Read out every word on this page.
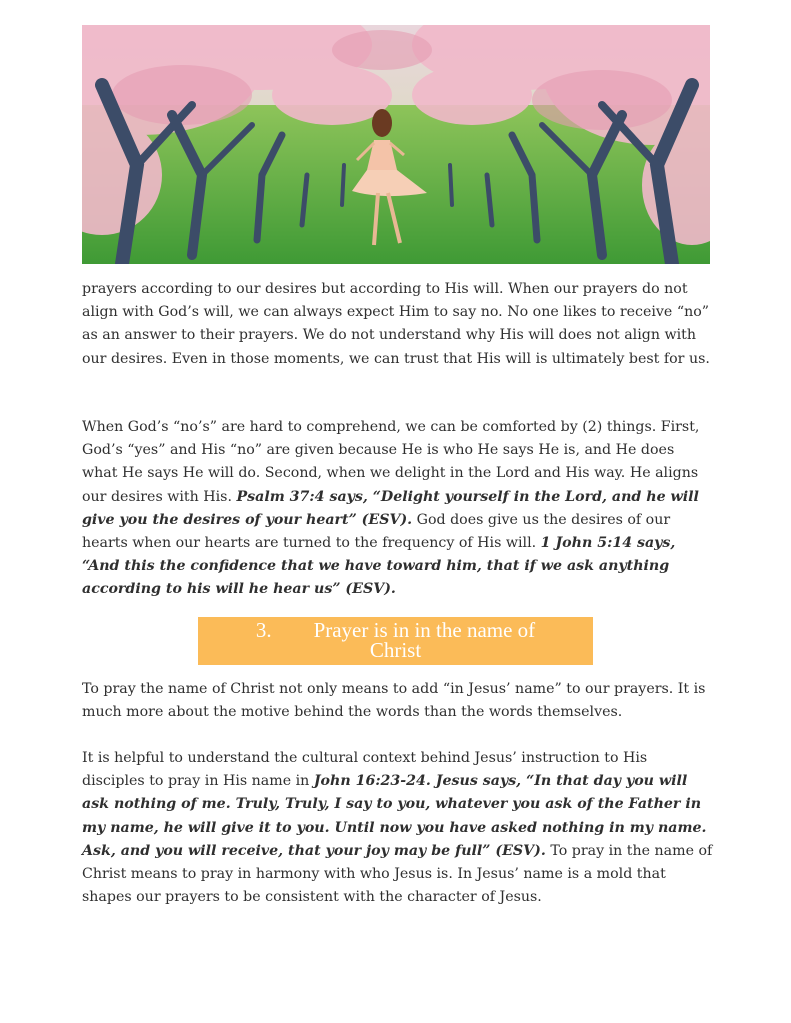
prayers according to our desires but according to His will. When our prayers do not align with God’s will, we can always expect Him to say no. No one likes to receive “no” as an answer to their prayers. We do not understand why His will does not align with our desires. Even in those moments, we can trust that His will is ultimately best for us.

When God’s “no’s” are hard to comprehend, we can be comforted by (2) things. First, God’s “yes” and His “no” are given because He is who He says He is, and He does what He says He will do. Second, when we delight in the Lord and His way. He aligns our desires with His. Psalm 37:4 says, “Delight yourself in the Lord, and he will give you the desires of your heart” (ESV). God does give us the desires of our hearts when our hearts are turned to the frequency of His will. 1 John 5:14 says, “And this the confidence that we have toward him, that if we ask anything according to his will he hear us” (ESV).

3. Prayer is in in the name of
Christ

To pray the name of Christ not only means to add “in Jesus’ name” to our prayers. It is much more about the motive behind the words than the words themselves.

It is helpful to understand the cultural context behind Jesus’ instruction to His disciples to pray in His name in John 16:23-24. Jesus says, “In that day you will ask nothing of me. Truly, Truly, I say to you, whatever you ask of the Father in my name, he will give it to you. Until now you have asked nothing in my name. Ask, and you will receive, that your joy may be full” (ESV). To pray in the name of Christ means to pray in harmony with who Jesus is. In Jesus’ name is a mold that shapes our prayers to be consistent with the character of Jesus.
